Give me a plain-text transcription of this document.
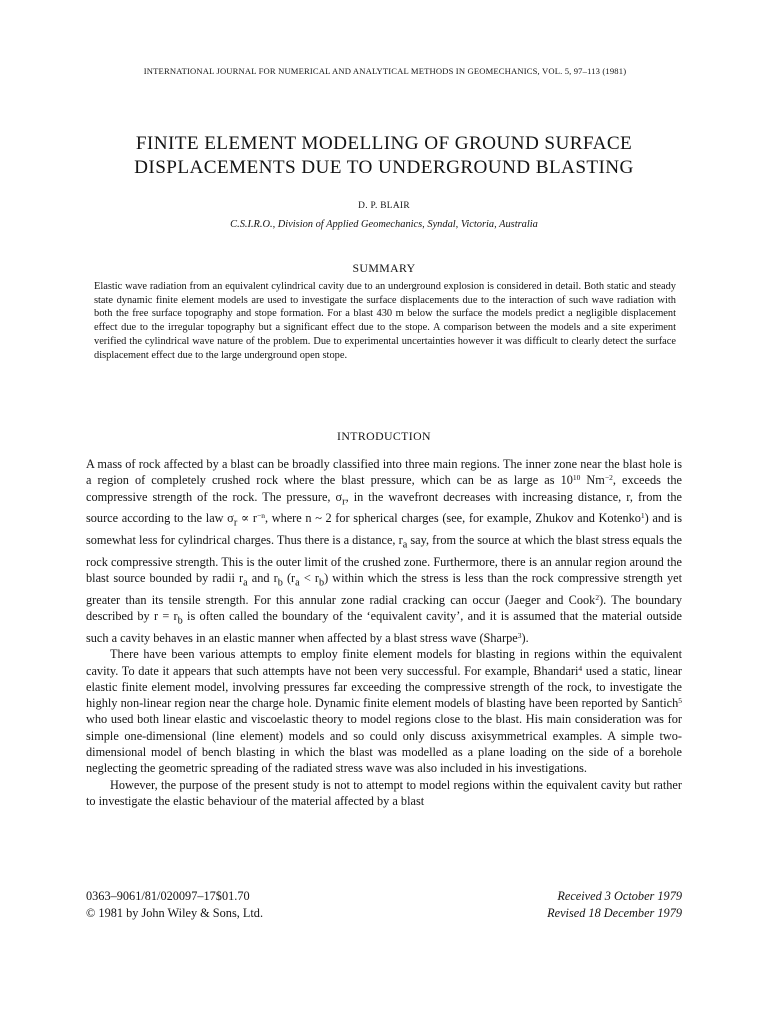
INTERNATIONAL JOURNAL FOR NUMERICAL AND ANALYTICAL METHODS IN GEOMECHANICS, VOL. 5, 97–113 (1981)
FINITE ELEMENT MODELLING OF GROUND SURFACE
DISPLACEMENTS DUE TO UNDERGROUND BLASTING
D. P. BLAIR
C.S.I.R.O., Division of Applied Geomechanics, Syndal, Victoria, Australia
SUMMARY
Elastic wave radiation from an equivalent cylindrical cavity due to an underground explosion is considered in detail. Both static and steady state dynamic finite element models are used to investigate the surface displacements due to the interaction of such wave radiation with both the free surface topography and stope formation. For a blast 430 m below the surface the models predict a negligible displacement effect due to the irregular topography but a significant effect due to the stope. A comparison between the models and a site experiment verified the cylindrical wave nature of the problem. Due to experimental uncertainties however it was difficult to clearly detect the surface displacement effect due to the large underground open stope.
INTRODUCTION

A mass of rock affected by a blast can be broadly classified into three main regions. The inner zone near the blast hole is a region of completely crushed rock where the blast pressure, which can be as large as $10^{10}$ $Nm^{-2}$, exceeds the compressive strength of the rock. The pressure, $\sigma_r$, in the wavefront decreases with increasing distance, r, from the source according to the law $\sigma_r \propto r^{-n}$, where n ~ 2 for spherical charges (see, for example, Zhukov and Kotenko$^1$) and is somewhat less for cylindrical charges. Thus there is a distance, $r_a$ say, from the source at which the blast stress equals the rock compressive strength. This is the outer limit of the crushed zone. Furthermore, there is an annular region around the blast source bounded by radii $r_a$ and $r_b$ $(r_a < r_b)$ within which the stress is less than the rock compressive strength yet greater than its tensile strength. For this annular zone radial cracking can occur (Jaeger and Cook$^2$). The boundary described by $r = r_b$ is often called the boundary of the ‘equivalent cavity’, and it is assumed that the material outside such a cavity behaves in an elastic manner when affected by a blast stress wave (Sharpe$^3$).

There have been various attempts to employ finite element models for blasting in regions within the equivalent cavity. To date it appears that such attempts have not been very successful. For example, Bhandari$^4$ used a static, linear elastic finite element model, involving pressures far exceeding the compressive strength of the rock, to investigate the highly non-linear region near the charge hole. Dynamic finite element models of blasting have been reported by Santich$^5$ who used both linear elastic and viscoelastic theory to model regions close to the blast. His main consideration was for simple one-dimensional (line element) models and so could only discuss axisymmetrical examples. A simple two-dimensional model of bench blasting in which the blast was modelled as a plane loading on the side of a borehole neglecting the geometric spreading of the radiated stress wave was also included in his investigations.

However, the purpose of the present study is not to attempt to model regions within the equivalent cavity but rather to investigate the elastic behaviour of the material affected by a blast

0363–9061/81/020097–17$01.70
© 1981 by John Wiley & Sons, Ltd.
Received 3 October 1979
Revised 18 December 1979
